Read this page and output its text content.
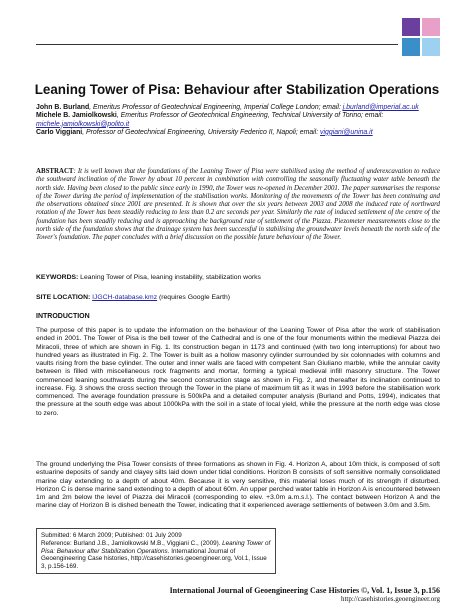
Leaning Tower of Pisa: Behaviour after Stabilization Operations
John B. Burland, Emeritus Professor of Geotechnical Engineering, Imperial College London; email: j.burland@imperial.ac.uk
Michele B. Jamiolkowski, Emeritus Professor of Geotechnical Engineering, Technical University of Torino; email: michele.jamiolkowski@polito.it
Carlo Viggiani, Professor of Geotechnical Engineering, University Federico II, Napoli; email: viggiani@unina.it
ABSTRACT: It is well known that the foundations of the Leaning Tower of Pisa were stabilised using the method of underexcavation to reduce the southward inclination of the Tower by about 10 percent in combination with controlling the seasonally fluctuating water table beneath the north side. Having been closed to the public since early in 1990, the Tower was re-opened in December 2001. The paper summarises the response of the Tower during the period of implementation of the stabilisation works. Monitoring of the movements of the Tower has been continuing and the observations obtained since 2001 are presented. It is shown that over the six years between 2003 and 2008 the induced rate of northward rotation of the Tower has been steadily reducing to less than 0.2 arc seconds per year. Similarly the rate of induced settlement of the centre of the foundation has been steadily reducing and is approaching the background rate of settlement of the Piazza. Piezometer measurements close to the north side of the foundation shows that the drainage system has been successful in stabilising the groundwater levels beneath the north side of the Tower's foundation. The paper concludes with a brief discussion on the possible future behaviour of the Tower.
KEYWORDS: Leaning Tower of Pisa, leaning instability, stabilization works
SITE LOCATION: IJGCH-database.kmz (requires Google Earth)
INTRODUCTION
The purpose of this paper is to update the information on the behaviour of the Leaning Tower of Pisa after the work of stabilisation ended in 2001. The Tower of Pisa is the bell tower of the Cathedral and is one of the four monuments within the medieval Piazza dei Miracoli, three of which are shown in Fig. 1. Its construction began in 1173 and continued (with two long interruptions) for about two hundred years as illustrated in Fig. 2. The Tower is built as a hollow masonry cylinder surrounded by six colonnades with columns and vaults rising from the base cylinder. The outer and inner walls are faced with competent San Giuliano marble, while the annular cavity between is filled with miscellaneous rock fragments and mortar, forming a typical medieval infill masonry structure. The Tower commenced leaning southwards during the second construction stage as shown in Fig. 2, and thereafter its inclination continued to increase. Fig. 3 shows the cross section through the Tower in the plane of maximum tilt as it was in 1993 before the stabilisation work commenced. The average foundation pressure is 500kPa and a detailed computer analysis (Burland and Potts, 1994), indicates that the pressure at the south edge was about 1000kPa with the soil in a state of local yield, while the pressure at the north edge was close to zero.
The ground underlying the Pisa Tower consists of three formations as shown in Fig. 4. Horizon A, about 10m thick, is composed of soft estuarine deposits of sandy and clayey silts laid down under tidal conditions. Horizon B consists of soft sensitive normally consolidated marine clay extending to a depth of about 40m. Because it is very sensitive, this material loses much of its strength if disturbed. Horizon C is dense marine sand extending to a depth of about 60m. An upper perched water table in Horizon A is encountered between 1m and 2m below the level of Piazza dei Miracoli (corresponding to elev. +3.0m a.m.s.l.). The contact between Horizon A and the marine clay of Horizon B is dished beneath the Tower, indicating that it experienced average settlements of between 3.0m and 3.5m.
Submitted: 6 March 2009; Published: 01 July 2009
Reference: Burland J.B., Jamiolkowski M.B., Viggiani C., (2009). Leaning Tower of Pisa: Behaviour after Stabilization Operations. International Journal of Geoengineering Case histories, http://casehistories.geoengineer.org, Vol.1, Issue 3, p.156-169.
International Journal of Geoengineering Case Histories ©, Vol. 1, Issue 3, p.156
http://casehistories.geoengineer.org
